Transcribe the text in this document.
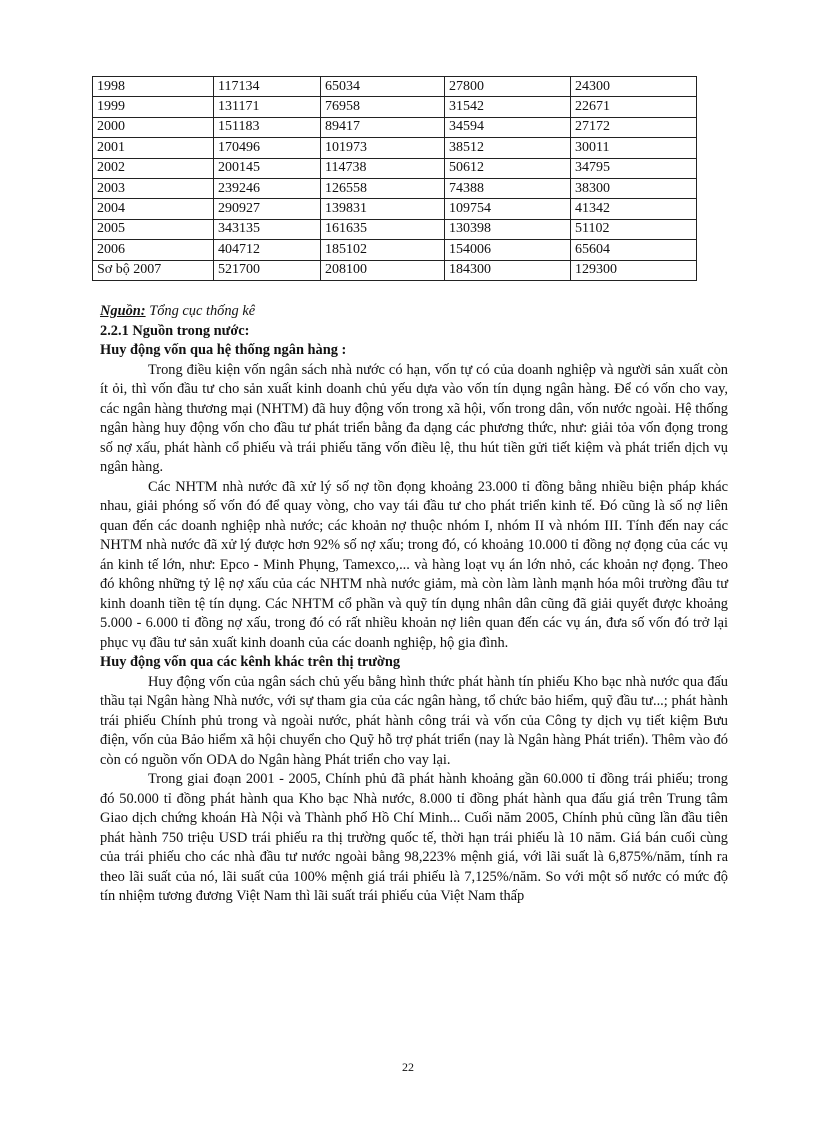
1998	117134	65034	27800	24300
1999	131171	76958	31542	22671
2000	151183	89417	34594	27172
2001	170496	101973	38512	30011
2002	200145	114738	50612	34795
2003	239246	126558	74388	38300
2004	290927	139831	109754	41342
2005	343135	161635	130398	51102
2006	404712	185102	154006	65604
Sơ bộ 2007	521700	208100	184300	129300

Nguồn: Tổng cục thống kê

2.2.1 Nguồn trong nước:

Huy động vốn qua hệ thống ngân hàng :

Trong điều kiện vốn ngân sách nhà nước có hạn, vốn tự có của doanh nghiệp và người sản xuất còn ít ỏi, thì vốn đầu tư cho sản xuất kinh doanh chủ yếu dựa vào vốn tín dụng ngân hàng. Để có vốn cho vay, các ngân hàng thương mại (NHTM) đã huy động vốn trong xã hội, vốn trong dân, vốn nước ngoài. Hệ thống ngân hàng huy động vốn cho đầu tư phát triển bằng đa dạng các phương thức, như: giải tỏa vốn đọng trong số nợ xấu, phát hành cổ phiếu và trái phiếu tăng vốn điều lệ, thu hút tiền gửi tiết kiệm và phát triển dịch vụ ngân hàng.

Các NHTM nhà nước đã xử lý số nợ tồn đọng khoảng 23.000 tỉ đồng bằng nhiều biện pháp khác nhau, giải phóng số vốn đó để quay vòng, cho vay tái đầu tư cho phát triển kinh tế. Đó cũng là số nợ liên quan đến các doanh nghiệp nhà nước; các khoản nợ thuộc nhóm I, nhóm II và nhóm III. Tính đến nay các NHTM nhà nước đã xử lý được hơn 92% số nợ xấu; trong đó, có khoảng 10.000 tỉ đồng nợ đọng của các vụ án kinh tế lớn, như: Epco - Minh Phụng, Tamexco,... và hàng loạt vụ án lớn nhỏ, các khoản nợ đọng. Theo đó không những tỷ lệ nợ xấu của các NHTM nhà nước giảm, mà còn làm lành mạnh hóa môi trường đầu tư kinh doanh tiền tệ tín dụng. Các NHTM cổ phần và quỹ tín dụng nhân dân cũng đã giải quyết được khoảng 5.000 - 6.000 tỉ đồng nợ xấu, trong đó có rất nhiều khoản nợ liên quan đến các vụ án, đưa số vốn đó trở lại phục vụ đầu tư sản xuất kinh doanh của các doanh nghiệp, hộ gia đình.

Huy động vốn qua các kênh khác trên thị trường

Huy động vốn của ngân sách chủ yếu bằng hình thức phát hành tín phiếu Kho bạc nhà nước qua đấu thầu tại Ngân hàng Nhà nước, với sự tham gia của các ngân hàng, tổ chức bảo hiểm, quỹ đầu tư...; phát hành trái phiếu Chính phủ trong và ngoài nước, phát hành công trái và vốn của Công ty dịch vụ tiết kiệm Bưu điện, vốn của Bảo hiểm xã hội chuyển cho Quỹ hỗ trợ phát triển (nay là Ngân hàng Phát triển). Thêm vào đó còn có nguồn vốn ODA do Ngân hàng Phát triển cho vay lại.

Trong giai đoạn 2001 - 2005, Chính phủ đã phát hành khoảng gần 60.000 tỉ đồng trái phiếu; trong đó 50.000 tỉ đồng phát hành qua Kho bạc Nhà nước, 8.000 tỉ đồng phát hành qua đấu giá trên Trung tâm Giao dịch chứng khoán Hà Nội và Thành phố Hồ Chí Minh... Cuối năm 2005, Chính phủ cũng lần đầu tiên phát hành 750 triệu USD trái phiếu ra thị trường quốc tế, thời hạn trái phiếu là 10 năm. Giá bán cuối cùng của trái phiếu cho các nhà đầu tư nước ngoài bằng 98,223% mệnh giá, với lãi suất là 6,875%/năm, tính ra theo lãi suất của nó, lãi suất của 100% mệnh giá trái phiếu là 7,125%/năm. So với một số nước có mức độ tín nhiệm tương đương Việt Nam thì lãi suất trái phiếu của Việt Nam thấp

22
